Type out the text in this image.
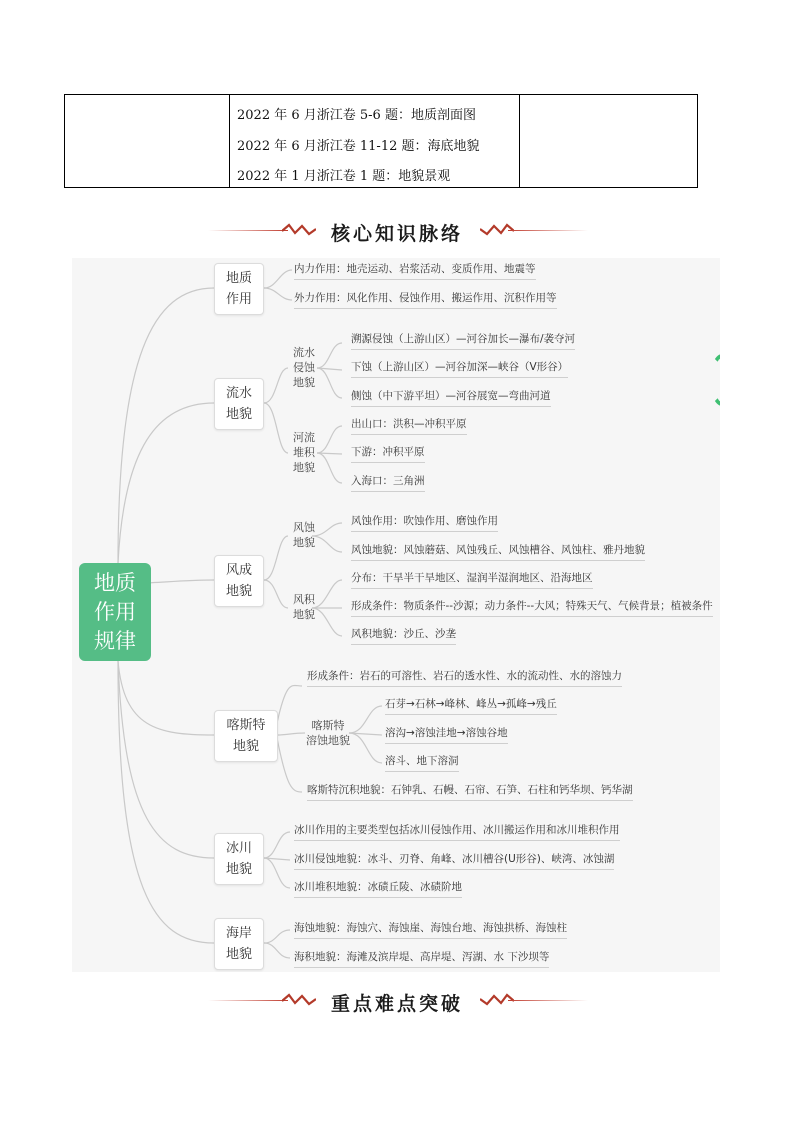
2022 年 6 月浙江卷 5-6 题：地质剖面图
2022 年 6 月浙江卷 11-12 题：海底地貌
2022 年 1 月浙江卷 1 题：地貌景观
核心知识脉络
地质
作用
规律
地质
作用
流水
地貌
风成
地貌
喀斯特
地貌
冰川
地貌
海岸
地貌
流水
侵蚀
地貌
河流
堆积
地貌
风蚀
地貌
风积
地貌
喀斯特
溶蚀地貌
内力作用：地壳运动、岩浆活动、变质作用、地震等
外力作用：风化作用、侵蚀作用、搬运作用、沉积作用等
溯源侵蚀（上游山区）—河谷加长—瀑布/袭夺河
下蚀（上游山区）—河谷加深—峡谷（V形谷）
侧蚀（中下游平坦）—河谷展宽—弯曲河道
出山口：洪积—冲积平原
下游：冲积平原
入海口：三角洲
风蚀作用：吹蚀作用、磨蚀作用
风蚀地貌：风蚀蘑菇、风蚀残丘、风蚀槽谷、风蚀柱、雅丹地貌
分布：干旱半干旱地区、湿润半湿润地区、沿海地区
形成条件：物质条件--沙源；动力条件--大风；特殊天气、气候背景；植被条件
风积地貌：沙丘、沙垄
形成条件：岩石的可溶性、岩石的透水性、水的流动性、水的溶蚀力
石芽→石林→峰林、峰丛→孤峰→残丘
溶沟→溶蚀洼地→溶蚀谷地
溶斗、地下溶洞
喀斯特沉积地貌：石钟乳、石幔、石帘、石笋、石柱和钙华坝、钙华湖
冰川作用的主要类型包括冰川侵蚀作用、冰川搬运作用和冰川堆积作用
冰川侵蚀地貌：冰斗、刃脊、角峰、冰川槽谷(U形谷)、峡湾、冰蚀湖
冰川堆积地貌：冰碛丘陵、冰碛阶地
海蚀地貌：海蚀穴、海蚀崖、海蚀台地、海蚀拱桥、海蚀柱
海积地貌：海滩及滨岸堤、高岸堤、泻湖、水 下沙坝等
重点难点突破
